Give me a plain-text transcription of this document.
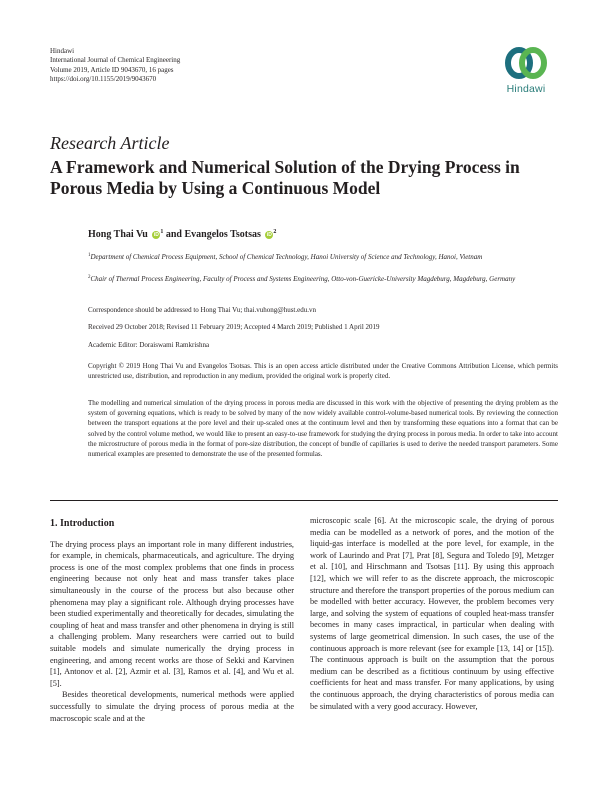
Hindawi
International Journal of Chemical Engineering
Volume 2019, Article ID 9043670, 16 pages
https://doi.org/10.1155/2019/9043670
Hindawi
Research Article
A Framework and Numerical Solution of the Drying Process in Porous Media by Using a Continuous Model
Hong Thai Vu iD $^1$ and Evangelos Tsotsas iD $^2$
$^1$Department of Chemical Process Equipment, School of Chemical Technology, Hanoi University of Science and Technology, Hanoi, Vietnam
$^2$Chair of Thermal Process Engineering, Faculty of Process and Systems Engineering, Otto-von-Guericke-University Magdeburg, Magdeburg, Germany
Correspondence should be addressed to Hong Thai Vu; thai.vuhong@hust.edu.vn
Received 29 October 2018; Revised 11 February 2019; Accepted 4 March 2019; Published 1 April 2019
Academic Editor: Doraiswami Ramkrishna
Copyright © 2019 Hong Thai Vu and Evangelos Tsotsas. This is an open access article distributed under the Creative Commons Attribution License, which permits unrestricted use, distribution, and reproduction in any medium, provided the original work is properly cited.
The modelling and numerical simulation of the drying process in porous media are discussed in this work with the objective of presenting the drying problem as the system of governing equations, which is ready to be solved by many of the now widely available control-volume-based numerical tools. By reviewing the connection between the transport equations at the pore level and their up-scaled ones at the continuum level and then by transforming these equations into a format that can be solved by the control volume method, we would like to present an easy-to-use framework for studying the drying process in porous media. In order to take into account the microstructure of porous media in the format of pore-size distribution, the concept of bundle of capillaries is used to derive the needed transport parameters. Some numerical examples are presented to demonstrate the use of the presented formulas.
1. Introduction

The drying process plays an important role in many different industries, for example, in chemicals, pharmaceuticals, and agriculture. The drying process is one of the most complex problems that one finds in process engineering because not only heat and mass transfer takes place simultaneously in the course of the process but also because other phenomena may play a significant role. Although drying processes have been studied experimentally and theoretically for decades, simulating the coupling of heat and mass transfer and other phenomena in drying is still a challenging problem. Many researchers were carried out to build suitable models and simulate numerically the drying process in engineering, and among recent works are those of Sekki and Karvinen [1], Antonov et al. [2], Azmir et al. [3], Ramos et al. [4], and Wu et al. [5].

Besides theoretical developments, numerical methods were applied successfully to simulate the drying process of porous media at the macroscopic scale and at the

microscopic scale [6]. At the microscopic scale, the drying of porous media can be modelled as a network of pores, and the motion of the liquid-gas interface is modelled at the pore level, for example, in the work of Laurindo and Prat [7], Prat [8], Segura and Toledo [9], Metzger et al. [10], and Hirschmann and Tsotsas [11]. By using this approach [12], which we will refer to as the discrete approach, the microscopic structure and therefore the transport properties of the porous medium can be modelled with better accuracy. However, the problem becomes very large, and solving the system of equations of coupled heat-mass transfer becomes in many cases impractical, in particular when dealing with systems of large geometrical dimension. In such cases, the use of the continuous approach is more relevant (see for example [13, 14] or [15]). The continuous approach is built on the assumption that the porous medium can be described as a fictitious continuum by using effective coefficients for heat and mass transfer. For many applications, by using the continuous approach, the drying characteristics of porous media can be simulated with a very good accuracy. However,
